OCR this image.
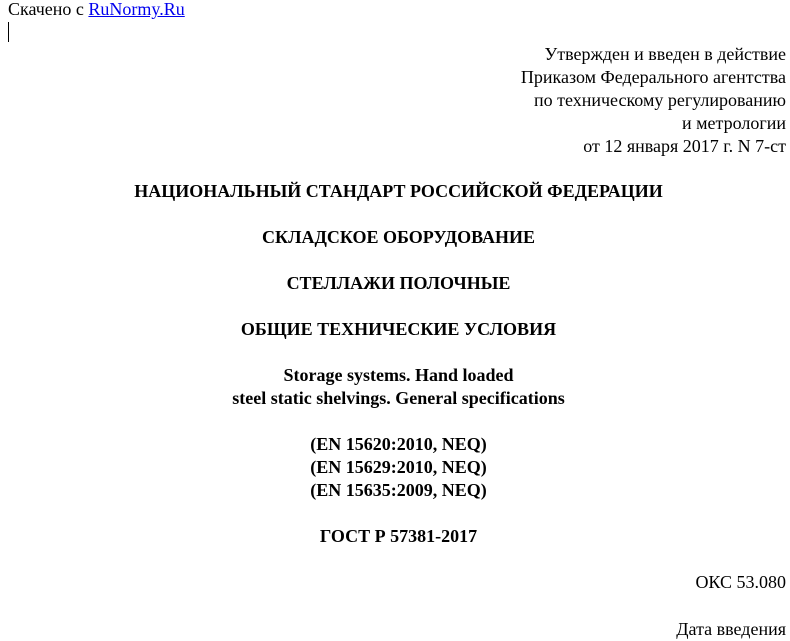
Скачено с RuNormy.Ru
Утвержден и введен в действие
Приказом Федерального агентства
по техническому регулированию
и метрологии
от 12 января 2017 г. N 7-ст
НАЦИОНАЛЬНЫЙ СТАНДАРТ РОССИЙСКОЙ ФЕДЕРАЦИИ
СКЛАДСКОЕ ОБОРУДОВАНИЕ
СТЕЛЛАЖИ ПОЛОЧНЫЕ
ОБЩИЕ ТЕХНИЧЕСКИЕ УСЛОВИЯ
Storage systems. Hand loaded
steel static shelvings. General specifications
(EN 15620:2010, NEQ)
(EN 15629:2010, NEQ)
(EN 15635:2009, NEQ)
ГОСТ Р 57381-2017
ОКС 53.080
Дата введения
